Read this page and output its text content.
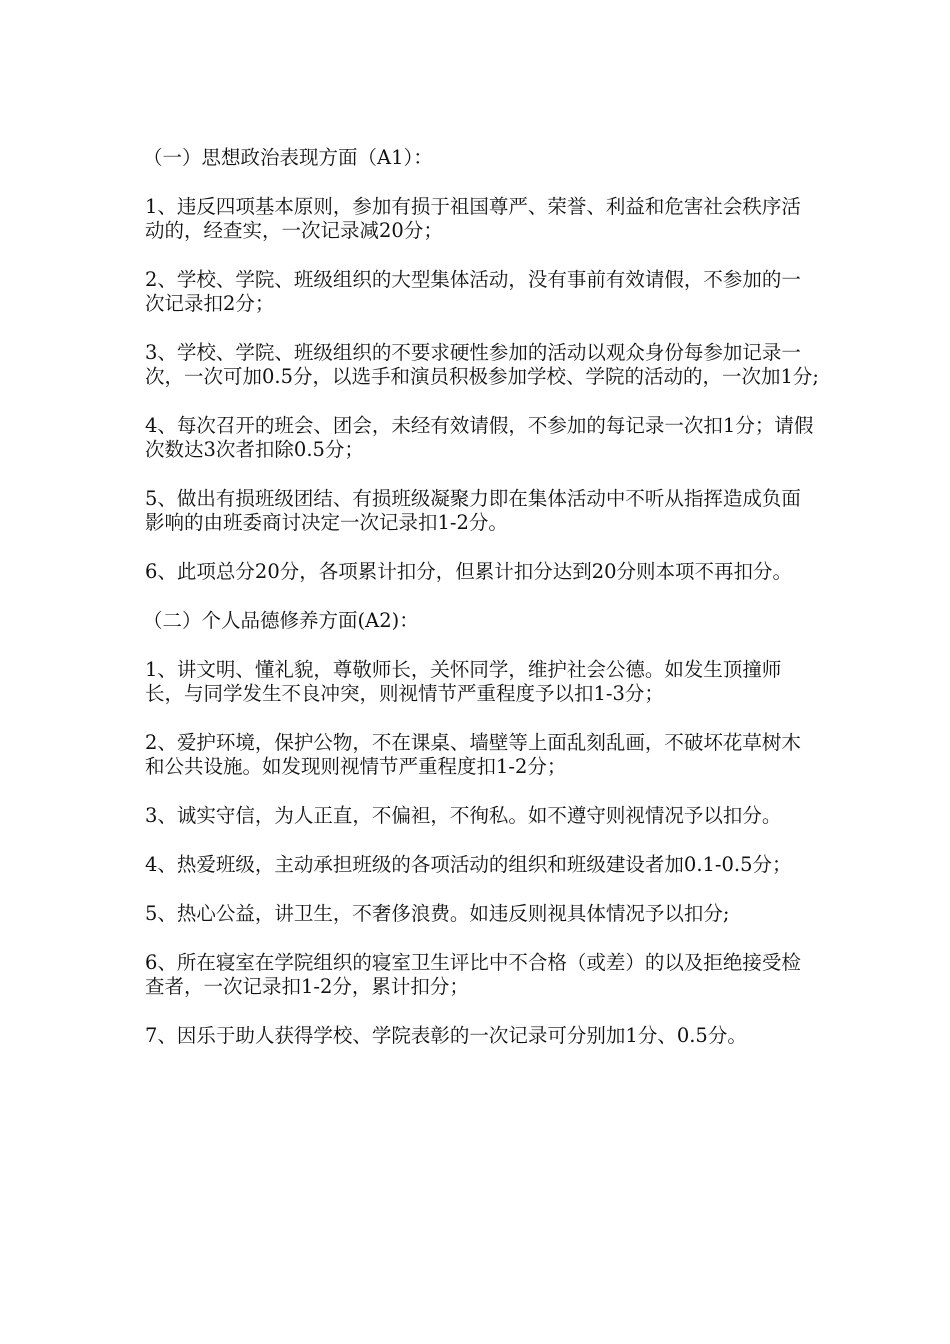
（一）思想政治表现方面（A1）：

1、违反四项基本原则，参加有损于祖国尊严、荣誉、利益和危害社会秩序活动的，经查实，一次记录减20分；

2、学校、学院、班级组织的大型集体活动，没有事前有效请假，不参加的一次记录扣2分；

3、学校、学院、班级组织的不要求硬性参加的活动以观众身份每参加记录一次，一次可加0.5分，以选手和演员积极参加学校、学院的活动的，一次加1分;

4、每次召开的班会、团会，未经有效请假，不参加的每记录一次扣1分；请假次数达3次者扣除0.5分；

5、做出有损班级团结、有损班级凝聚力即在集体活动中不听从指挥造成负面影响的由班委商讨决定一次记录扣1-2分。

6、此项总分20分，各项累计扣分，但累计扣分达到20分则本项不再扣分。

（二）个人品德修养方面(A2)：

1、讲文明、懂礼貌，尊敬师长，关怀同学，维护社会公德。如发生顶撞师长，与同学发生不良冲突，则视情节严重程度予以扣1-3分；

2、爱护环境，保护公物，不在课桌、墙壁等上面乱刻乱画，不破坏花草树木和公共设施。如发现则视情节严重程度扣1-2分；

3、诚实守信，为人正直，不偏袒，不徇私。如不遵守则视情况予以扣分。

4、热爱班级，主动承担班级的各项活动的组织和班级建设者加0.1-0.5分；

5、热心公益，讲卫生，不奢侈浪费。如违反则视具体情况予以扣分;

6、所在寝室在学院组织的寝室卫生评比中不合格（或差）的以及拒绝接受检查者，一次记录扣1-2分，累计扣分；

7、因乐于助人获得学校、学院表彰的一次记录可分别加1分、0.5分。
